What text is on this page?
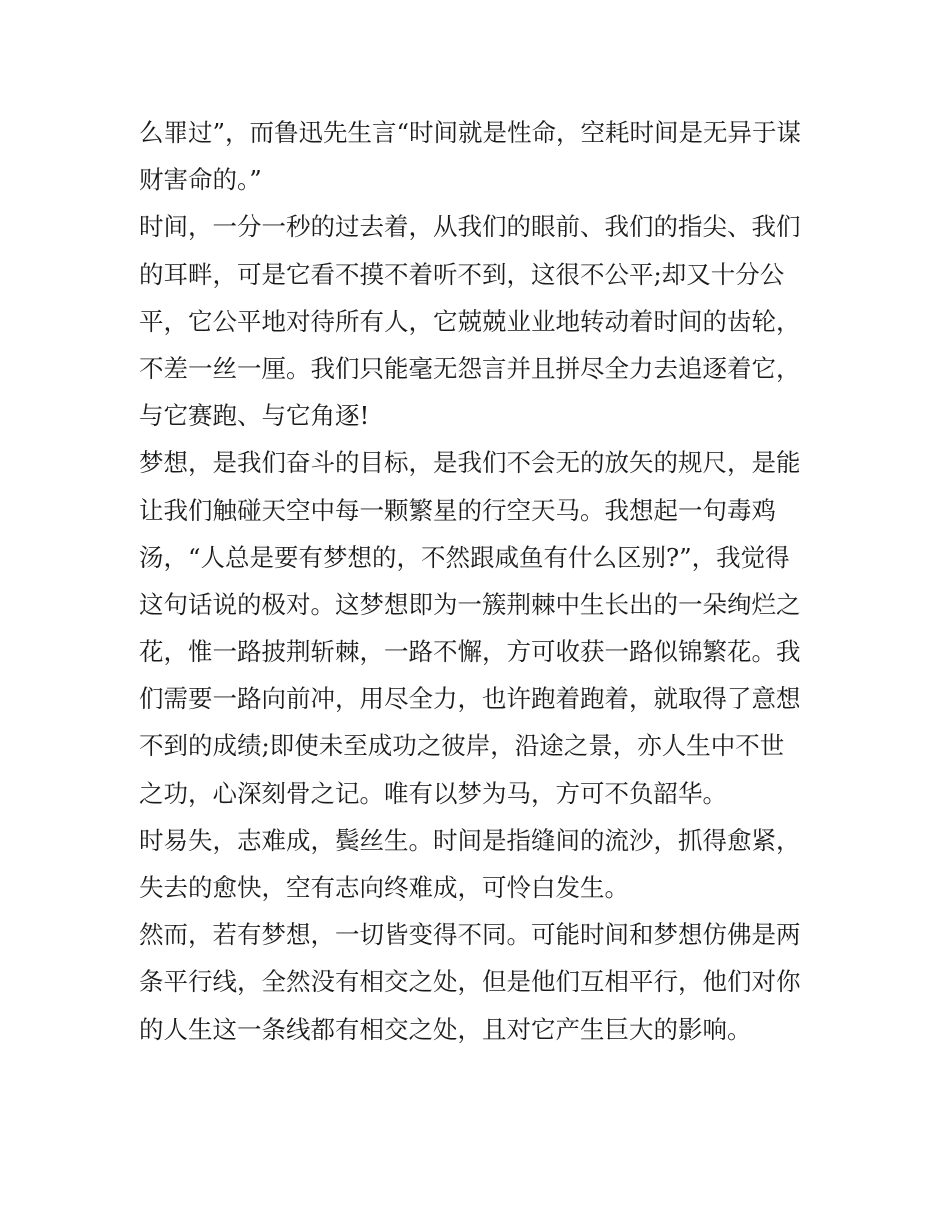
么罪过”，而鲁迅先生言“时间就是性命，空耗时间是无异于谋
财害命的。”
时间，一分一秒的过去着，从我们的眼前、我们的指尖、我们
的耳畔，可是它看不摸不着听不到，这很不公平;却又十分公
平，它公平地对待所有人，它兢兢业业地转动着时间的齿轮，
不差一丝一厘。我们只能毫无怨言并且拼尽全力去追逐着它，
与它赛跑、与它角逐!
梦想，是我们奋斗的目标，是我们不会无的放矢的规尺，是能
让我们触碰天空中每一颗繁星的行空天马。我想起一句毒鸡
汤，“人总是要有梦想的，不然跟咸鱼有什么区别?”，我觉得
这句话说的极对。这梦想即为一簇荆棘中生长出的一朵绚烂之
花，惟一路披荆斩棘，一路不懈，方可收获一路似锦繁花。我
们需要一路向前冲，用尽全力，也许跑着跑着，就取得了意想
不到的成绩;即使未至成功之彼岸，沿途之景，亦人生中不世
之功，心深刻骨之记。唯有以梦为马，方可不负韶华。
时易失，志难成，鬓丝生。时间是指缝间的流沙，抓得愈紧，
失去的愈快，空有志向终难成，可怜白发生。
然而，若有梦想，一切皆变得不同。可能时间和梦想仿佛是两
条平行线，全然没有相交之处，但是他们互相平行，他们对你
的人生这一条线都有相交之处，且对它产生巨大的影响。
